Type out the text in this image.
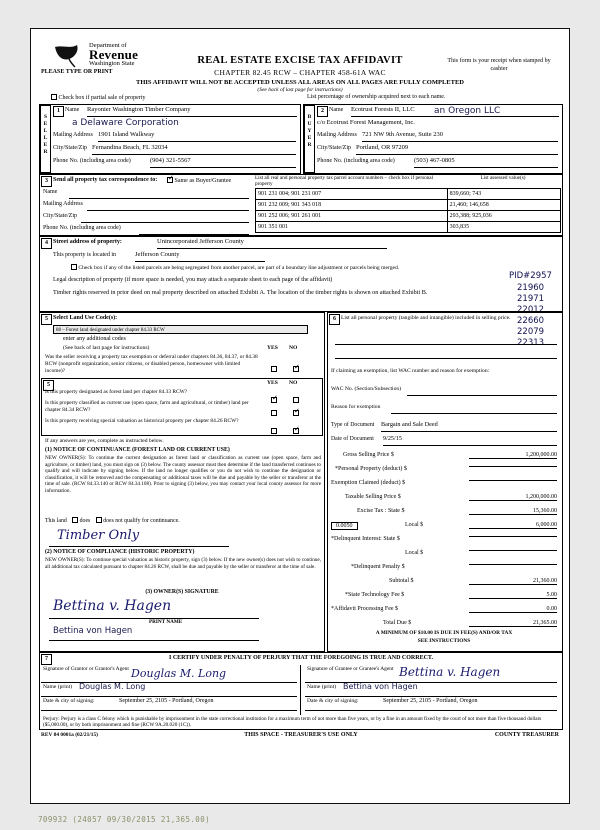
Department of
Revenue
Washington State	REAL ESTATE EXCISE TAX AFFIDAVIT
CHAPTER 82.45 RCW – CHAPTER 458-61A WAC
This form is your receipt when stamped by cashier
PLEASE TYPE OR PRINT
THIS AFFIDAVIT WILL NOT BE ACCEPTED UNLESS ALL AREAS ON ALL PAGES ARE FULLY COMPLETED
(See back of last page for instructions)
Check box if partial sale of property	List percentage of ownership acquired next to each name.
S
E
L
L
E
R
1 Name Rayonier Washington Timber Company
a Delaware Corporation
Mailing Address 1901 Island Walkway
City/State/Zip Fernandina Beach, FL 32034
Phone No. (including area code)	(904) 321-5567
B
U
Y
E
R
2 Name Ecotrust Forests II, LLC	an Oregon LLC
c/o Ecotrust Forest Management, Inc.
Mailing Address 721 NW 9th Avenue, Suite 230
City/State/Zip Portland, OR 97209
Phone No. (including area code)	(503) 467-0805
3 Send all property tax correspondence to: ✓	Same as Buyer/Grantee
Name
Mailing Address
City/State/Zip
Phone No. (including area code)
List all real and personal property tax parcel account numbers – check box if personal property
List assessed value(s)
901 231 004; 901 231 007	839,660; 743
901 232 009; 901 343 018	21,460; 146,658
901 252 006; 901 261 001	293,388; 925,036
901 351 001	303,835
PID#2957
21960
21971
22012
22660
22079
22313
4 Street address of property:	Unincorporated Jefferson County
This property is located in	Jefferson County
Check box if any of the listed parcels are being segregated from another parcel, are part of a boundary line adjustment or parcels being merged.
Legal description of property (if more space is needed, you may attach a separate sheet to each page of the affidavit)
Timber rights reserved in prior deed on real property described on attached Exhibit A. The location of the timber rights is shown on attached Exhibit B.
5 Select Land Use Code(s):
88 – Forest land designated under chapter 84.33 RCW
enter any additional codes
(See back of last page for instructions)	YES NO
Was the seller receiving a property tax exemption or deferral under chapters 84.36, 84.37, or 84.38 RCW (nonprofit organization, senior citizens, or disabled person, homeowner with limited income)?
✓
5	YES NO
Is this property designated as forest land per chapter 84.33 RCW?
✓
Is this property classified as current use (open space, farm and agricultural, or timber) land per chapter 84.34 RCW?
✓
Is this property receiving special valuation as historical property per chapter 84.26 RCW?
✓
If any answers are yes, complete as instructed below.
(1) NOTICE OF CONTINUANCE (FOREST LAND OR CURRENT USE)
NEW OWNER(S): To continue the current designation as forest land or classification as current use (open space, farm and agriculture, or timber) land, you must sign on (3) below. The county assessor must then determine if the land transferred continues to qualify and will indicate by signing below. If the land no longer qualifies or you do not wish to continue the designation or classification, it will be removed and the compensating or additional taxes will be due and payable by the seller or transferor at the time of sale. (RCW 84.33.140 or RCW 84.34.108). Prior to signing (3) below, you may contact your local county assessor for more information.
This land does does not qualify for continuance.
Timber Only
(2) NOTICE OF COMPLIANCE (HISTORIC PROPERTY)
NEW OWNER(S): To continue special valuation as historic property, sign (3) below. If the new owner(s) does not wish to continue, all additional tax calculated pursuant to chapter 84.26 RCW, shall be due and payable by the seller or transferor at the time of sale.
(3) OWNER(S) SIGNATURE
Bettina v. Hagen
PRINT NAME
Bettina von Hagen
6 List all personal property (tangible and intangible) included in selling price.
If claiming an exemption, list WAC number and reason for exemption:
WAC No. (Section/Subsection)
Reason for exemption
Type of Document Bargain and Sale Deed
Date of Document 9/25/15
Gross Selling Price $	1,200,000.00
*Personal Property (deduct) $
Exemption Claimed (deduct) $
Taxable Selling Price $	1,200,000.00
Excise Tax : State $	15,360.00
0.0050	Local $	6,000.00
*Delinquent Interest: State $
Local $
*Delinquent Penalty $
Subtotal $	21,360.00
*State Technology Fee $	5.00
*Affidavit Processing Fee $	0.00
Total Due $	21,365.00
A MINIMUM OF $10.00 IS DUE IN FEE(S) AND/OR TAX
SEE INSTRUCTIONS
7	I CERTIFY UNDER PENALTY OF PERJURY THAT THE FOREGOING IS TRUE AND CORRECT.
Signature of Grantor or Grantor's Agent Douglas M. Long
Name (print) Douglas M. Long
Date & city of signing:	September 25, 2105 - Portland, Oregon
Signature of Grantee or Grantee's Agent Bettina v. Hagen
Name (print) Bettina von Hagen
Date & city of signing:	September 25, 2105 - Portland, Oregon
Perjury: Perjury is a class C felony which is punishable by imprisonment in the state correctional institution for a maximum term of not more than five years, or by a fine in an amount fixed by the court of not more than five thousand dollars ($5,000.00), or by both imprisonment and fine (RCW 9A.20.020 (1C)).
REV 84 0001a (02/21/15)	THIS SPACE - TREASURER'S USE ONLY	COUNTY TREASURER
709932 (24057 09/30/2015 21,365.00)
